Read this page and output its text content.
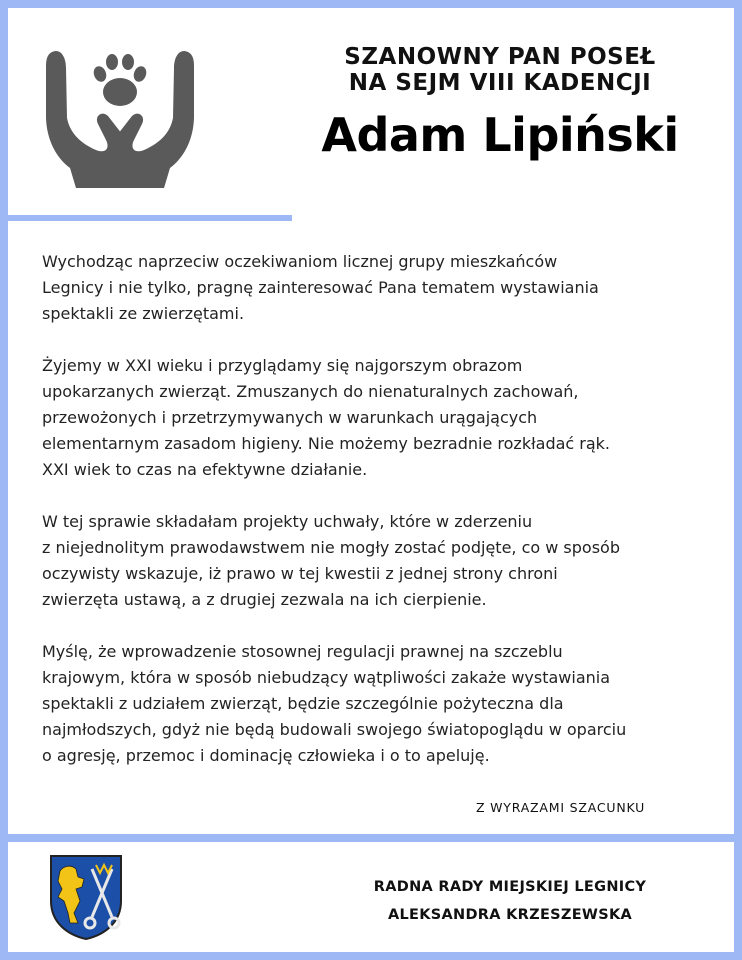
SZANOWNY PAN POSEŁ
NA SEJM VIII KADENCJI
Adam Lipiński

Wychodząc naprzeciw oczekiwaniom licznej grupy mieszkańców
Legnicy i nie tylko, pragnę zainteresować Pana tematem wystawiania
spektakli ze zwierzętami.

Żyjemy w XXI wieku i przyglądamy się najgorszym obrazom
upokarzanych zwierząt. Zmuszanych do nienaturalnych zachowań,
przewożonych i przetrzymywanych w warunkach urągających
elementarnym zasadom higieny. Nie możemy bezradnie rozkładać rąk.
XXI wiek to czas na efektywne działanie.

W tej sprawie składałam projekty uchwały, które w zderzeniu
z niejednolitym prawodawstwem nie mogły zostać podjęte, co w sposób
oczywisty wskazuje, iż prawo w tej kwestii z jednej strony chroni
zwierzęta ustawą, a z drugiej zezwala na ich cierpienie.

Myślę, że wprowadzenie stosownej regulacji prawnej na szczeblu
krajowym, która w sposób niebudzący wątpliwości zakaże wystawiania
spektakli z udziałem zwierząt, będzie szczególnie pożyteczna dla
najmłodszych, gdyż nie będą budowali swojego światopoglądu w oparciu
o agresję, przemoc i dominację człowieka i o to apeluję.

Z WYRAZAMI SZACUNKU
RADNA RADY MIEJSKIEJ LEGNICY
ALEKSANDRA KRZESZEWSKA
